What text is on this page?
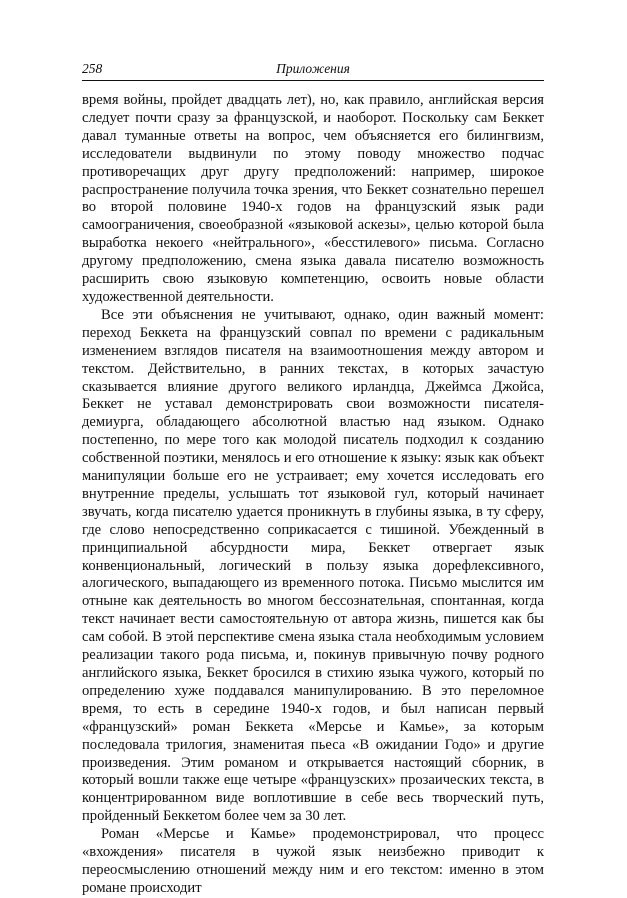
258	Приложения

время войны, пройдет двадцать лет), но, как правило, английская версия следует почти сразу за французской, и наоборот. Поскольку сам Беккет давал туманные ответы на вопрос, чем объясняется его билингвизм, исследователи выдвинули по этому поводу множество подчас противоречащих друг другу предположений: например, широкое распространение получила точка зрения, что Беккет сознательно перешел во второй половине 1940-х годов на французский язык ради самоограничения, своеобразной «языковой аскезы», целью которой была выработка некоего «нейтрального», «бесстилевого» письма. Согласно другому предположению, смена языка давала писателю возможность расширить свою языковую компетенцию, освоить новые области художественной деятельности.

Все эти объяснения не учитывают, однако, один важный момент: переход Беккета на французский совпал по времени с радикальным изменением взглядов писателя на взаимоотношения между автором и текстом. Действительно, в ранних текстах, в которых зачастую сказывается влияние другого великого ирландца, Джеймса Джойса, Беккет не уставал демонстрировать свои возможности писателя-демиурга, обладающего абсолютной властью над языком. Однако постепенно, по мере того как молодой писатель подходил к созданию собственной поэтики, менялось и его отношение к языку: язык как объект манипуляции больше его не устраивает; ему хочется исследовать его внутренние пределы, услышать тот языковой гул, который начинает звучать, когда писателю удается проникнуть в глубины языка, в ту сферу, где слово непосредственно соприкасается с тишиной. Убежденный в принципиальной абсурдности мира, Беккет отвергает язык конвенциональный, логический в пользу языка дорефлексивного, алогического, выпадающего из временного потока. Письмо мыслится им отныне как деятельность во многом бессознательная, спонтанная, когда текст начинает вести самостоятельную от автора жизнь, пишется как бы сам собой. В этой перспективе смена языка стала необходимым условием реализации такого рода письма, и, покинув привычную почву родного английского языка, Беккет бросился в стихию языка чужого, который по определению хуже поддавался манипулированию. В это переломное время, то есть в середине 1940-х годов, и был написан первый «французский» роман Беккета «Мерсье и Камье», за которым последовала трилогия, знаменитая пьеса «В ожидании Годо» и другие произведения. Этим романом и открывается настоящий сборник, в который вошли также еще четыре «французских» прозаических текста, в концентрированном виде воплотившие в себе весь творческий путь, пройденный Беккетом более чем за 30 лет.

Роман «Мерсье и Камье» продемонстрировал, что процесс «вхождения» писателя в чужой язык неизбежно приводит к переосмыслению отношений между ним и его текстом: именно в этом романе происходит
